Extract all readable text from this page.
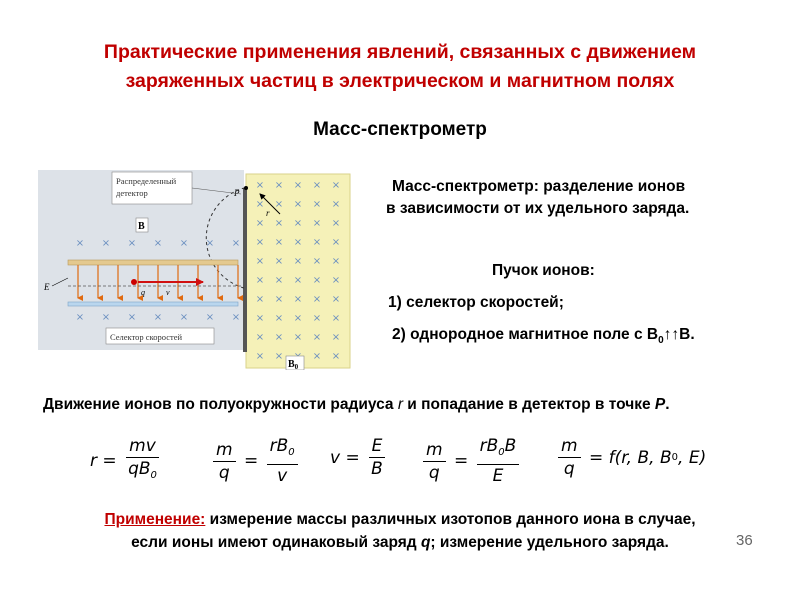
Практические применения явлений, связанных с движением
заряженных частиц в электрическом и магнитном полях
Масс-спектрометр
× × × × ×
× × × × ×
× × × × ×
× × × × ×
× × × × ×
× × × × ×
× × × × ×
× × × × ×
× × × × ×
× ×	× ×
× × × × × × ×
× × × × × × ×
P
r
q	v
E
Распределенный
детектор
B
Селектор скоростей
$B_0$
Масс-спектрометр: разделение ионов
в зависимости от их удельного заряда.
Пучок ионов:
1) селектор скоростей;
2) однородное магнитное поле с $B_0↑↑B$.
Движение ионов по полуокружности радиуса r и попадание в детектор в точке P.
$r = \frac{mv}{qB_0}$	$\frac{m}{q} = \frac{rB_0}{v}$ $v = \frac{E}{B} \frac{m}{q} = \frac{rB_0B}{E} \frac{m}{q} = f$ (r, B, B 0 , E)
Применение: измерение массы различных изотопов данного иона в случае,
если ионы имеют одинаковый заряд q; измерение удельного заряда.	36
